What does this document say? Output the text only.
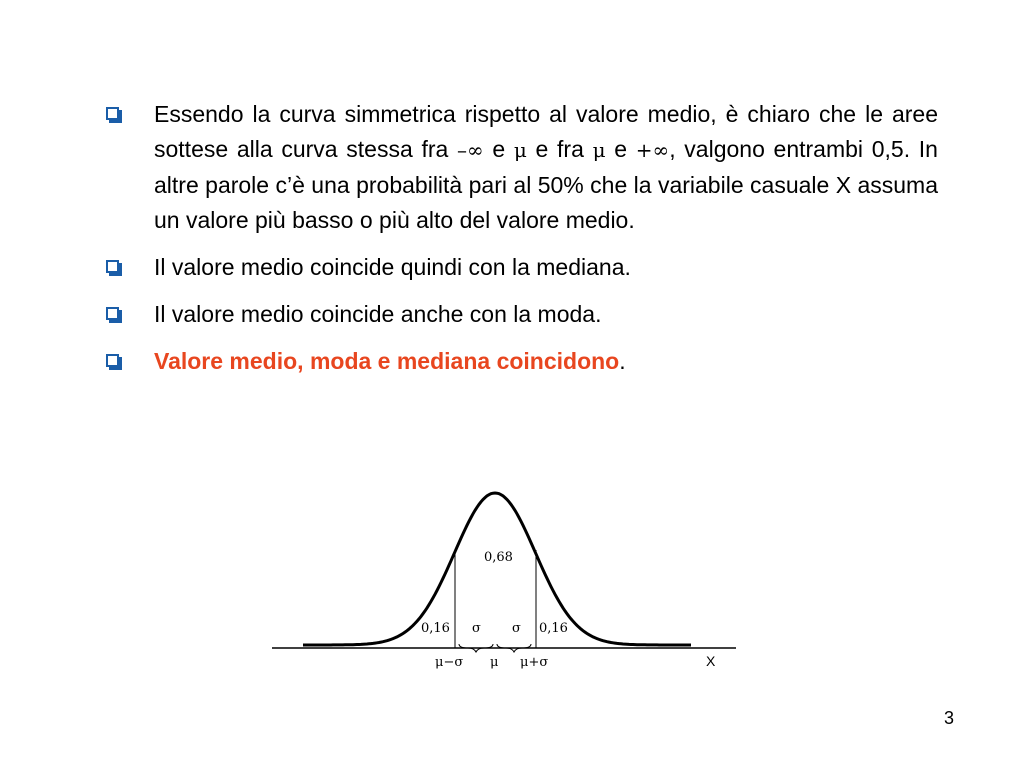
Essendo la curva simmetrica rispetto al valore medio, è chiaro che le aree sottese alla curva stessa fra –∞ e μ e fra μ e +∞, valgono entrambi 0,5. In altre parole c’è una probabilità pari al 50% che la variabile casuale X assuma un valore più basso o più alto del valore medio.
Il valore medio coincide quindi con la mediana.
Il valore medio coincide anche con la moda.
Valore medio, moda e mediana coincidono.
0,68
0,16	0,16
σ σ
μ−σ μ μ+σ	X
3
